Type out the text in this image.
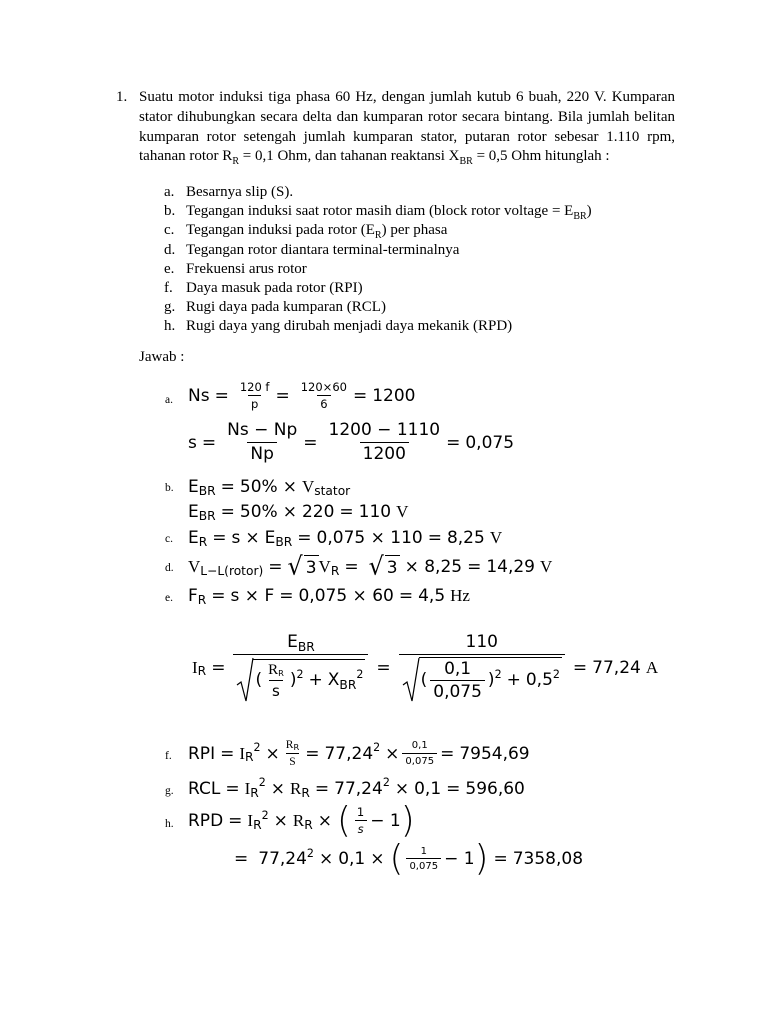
1. Suatu motor induksi tiga phasa 60 Hz, dengan jumlah kutub 6 buah, 220 V. Kumparan stator dihubungkan secara delta dan kumparan rotor secara bintang. Bila jumlah belitan kumparan rotor setengah jumlah kumparan stator, putaran rotor sebesar 1.110 rpm, tahanan rotor $R_R = 0,1$ Ohm, dan tahanan reaktansi $X_{BR} = 0,5$ Ohm hitunglah :
a. Besarnya slip (S).
b. Tegangan induksi saat rotor masih diam (block rotor voltage = $E_{BR}$)
c. Tegangan induksi pada rotor $(E_R)$ per phasa
d. Tegangan rotor diantara terminal-terminalnya
e. Frekuensi arus rotor
f. Daya masuk pada rotor (RPI)
g. Rugi daya pada kumparan (RCL)
h. Rugi daya yang dirubah menjadi daya mekanik (RPD)
Jawab :
a. $Ns = \frac{120 f}{p} = \frac{120\times 60}{6} = 1200$
$s = \frac{Ns - Np}{Np} = \frac{1200 - 1110}{1200} = 0,075$
b. E BR = 50% × V stator
E BR = 50% × 220 = 110 V
c. E R = s × E BR = 0,075 × 110 = 8,25 V
d. V L−L(rotor) = √ 3 V R = √ 3 × 8,25 = 14,29 V
e. F R = s × F = 0,075 × 60 = 4,5 Hz
I R =
$E_{BR}$
( $\frac{R_R}{s}$ ) 2 + X BR
2 =
110
( $\frac{0,1}{0,075}$ ) 2 + 0,5 2 = 77,24 A
f. RPI = I R
$2 \times \frac{R_R}{S} = 77,24$ $2 \times \frac{0,1}{0,075} = 7954,69$
g. RCL = I R
2 × R R = 77,24 2 × 0,1 = 596,60
h. RPD = I R
2 × R R × ( $\frac{1}{s} - 1$ )
= 77,24 2 × 0,1 × ( $\frac{1}{0,075} - 1$ ) = 7358,08
